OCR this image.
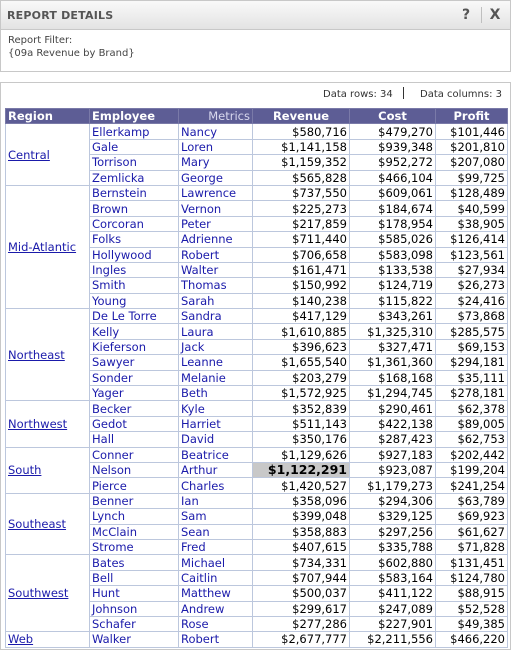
REPORT DETAILS	?	X
Report Filter:
{09a Revenue by Brand}
Data rows: 34	Data columns: 3
Region	Employee	Metrics	Revenue	Cost	Profit
Central	Ellerkamp	Nancy	$580,716	$479,270	$101,446
	Gale	Loren	$1,141,158	$939,348	$201,810
	Torrison	Mary	$1,159,352	$952,272	$207,080
	Zemlicka	George	$565,828	$466,104	$99,725
Mid-Atlantic	Bernstein	Lawrence	$737,550	$609,061	$128,489
	Brown	Vernon	$225,273	$184,674	$40,599
	Corcoran	Peter	$217,859	$178,954	$38,905
	Folks	Adrienne	$711,440	$585,026	$126,414
	Hollywood	Robert	$706,658	$583,098	$123,561
	Ingles	Walter	$161,471	$133,538	$27,934
	Smith	Thomas	$150,992	$124,719	$26,273
	Young	Sarah	$140,238	$115,822	$24,416
Northeast	De Le Torre	Sandra	$417,129	$343,261	$73,868
	Kelly	Laura	$1,610,885	$1,325,310	$285,575
	Kieferson	Jack	$396,623	$327,471	$69,153
	Sawyer	Leanne	$1,655,540	$1,361,360	$294,181
	Sonder	Melanie	$203,279	$168,168	$35,111
	Yager	Beth	$1,572,925	$1,294,745	$278,181
Northwest	Becker	Kyle	$352,839	$290,461	$62,378
	Gedot	Harriet	$511,143	$422,138	$89,005
	Hall	David	$350,176	$287,423	$62,753
South	Conner	Beatrice	$1,129,626	$927,183	$202,442
	Nelson	Arthur	$1,122,291	$923,087	$199,204
	Pierce	Charles	$1,420,527	$1,179,273	$241,254
Southeast	Benner	Ian	$358,096	$294,306	$63,789
	Lynch	Sam	$399,048	$329,125	$69,923
	McClain	Sean	$358,883	$297,256	$61,627
	Strome	Fred	$407,615	$335,788	$71,828
Southwest	Bates	Michael	$734,331	$602,880	$131,451
	Bell	Caitlin	$707,944	$583,164	$124,780
	Hunt	Matthew	$500,037	$411,122	$88,915
	Johnson	Andrew	$299,617	$247,089	$52,528
	Schafer	Rose	$277,286	$227,901	$49,385
Web	Walker	Robert	$2,677,777	$2,211,556	$466,220
